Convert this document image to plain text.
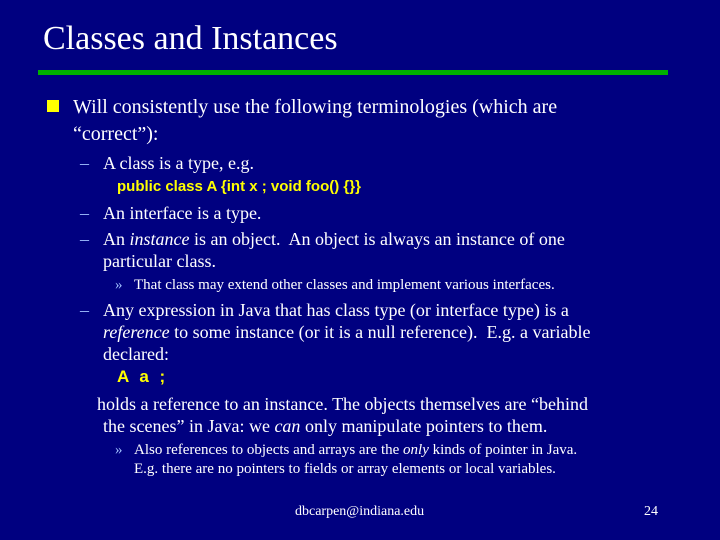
Classes and Instances
Will consistently use the following terminologies (which are
“correct”):
– A class is a type, e.g.
public class A {int x ; void foo() {}}
– An interface is a type.
– An instance is an object.  An object is always an instance of one
particular class.
» That class may extend other classes and implement various interfaces.
– Any expression in Java that has class type (or interface type) is a
reference to some instance (or it is a null reference).  E.g. a variable
declared:
A a ;
holds a reference to an instance. The objects themselves are “behind
the scenes” in Java: we can only manipulate pointers to them.
» Also references to objects and arrays are the only kinds of pointer in Java.
E.g. there are no pointers to fields or array elements or local variables.
dbcarpen@indiana.edu	24
